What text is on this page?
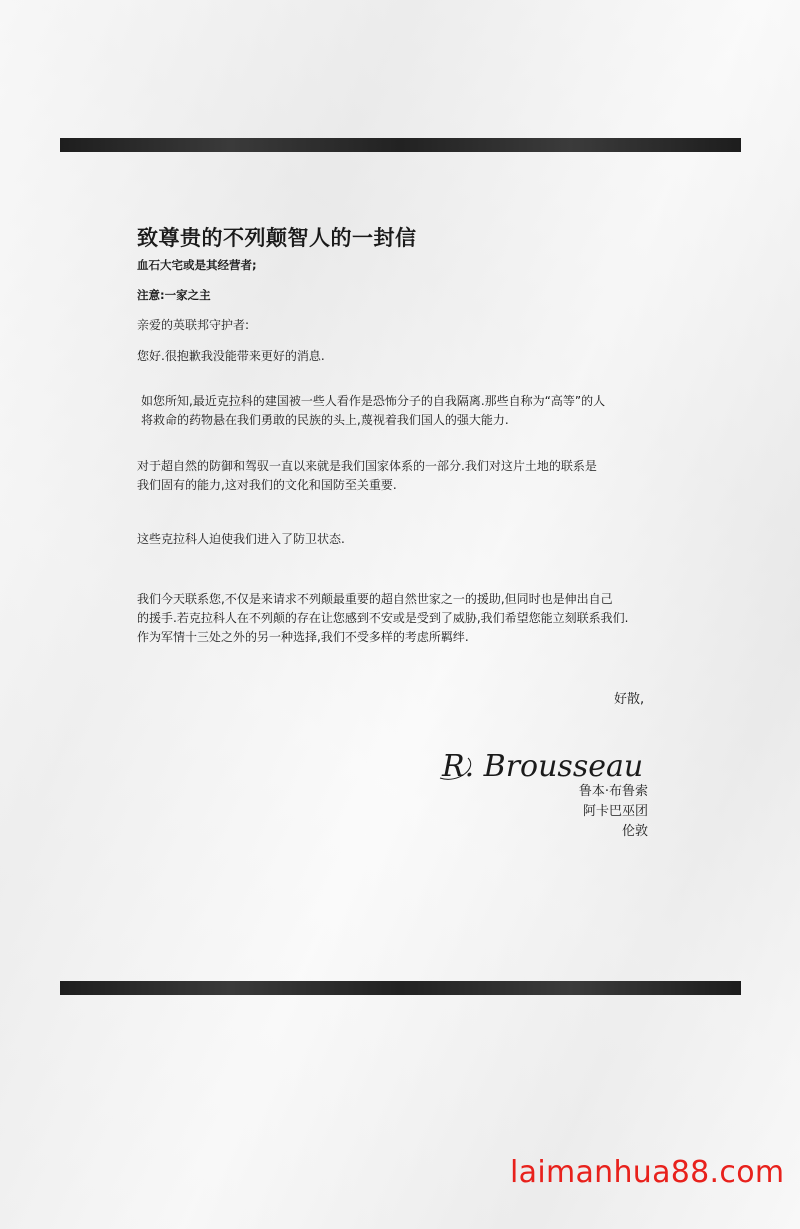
致尊贵的不列颠智人的一封信
血石大宅或是其经营者;
注意:一家之主

亲爱的英联邦守护者:

您好.很抱歉我没能带来更好的消息.

如您所知,最近克拉科的建国被一些人看作是恐怖分子的自我隔离.那些自称为“高等”的人
将救命的药物悬在我们勇敢的民族的头上,蔑视着我们国人的强大能力.
对于超自然的防御和驾驭一直以来就是我们国家体系的一部分.我们对这片土地的联系是
我们固有的能力,这对我们的文化和国防至关重要.

这些克拉科人迫使我们进入了防卫状态.

我们今天联系您,不仅是来请求不列颠最重要的超自然世家之一的援助,但同时也是伸出自己
的援手.若克拉科人在不列颠的存在让您感到不安或是受到了威胁,我们希望您能立刻联系我们.
作为军情十三处之外的另一种选择,我们不受多样的考虑所羁绊.
好散,
R. Brousseau
鲁本·布鲁索
阿卡巴巫团
伦敦
laimanhua88.com
